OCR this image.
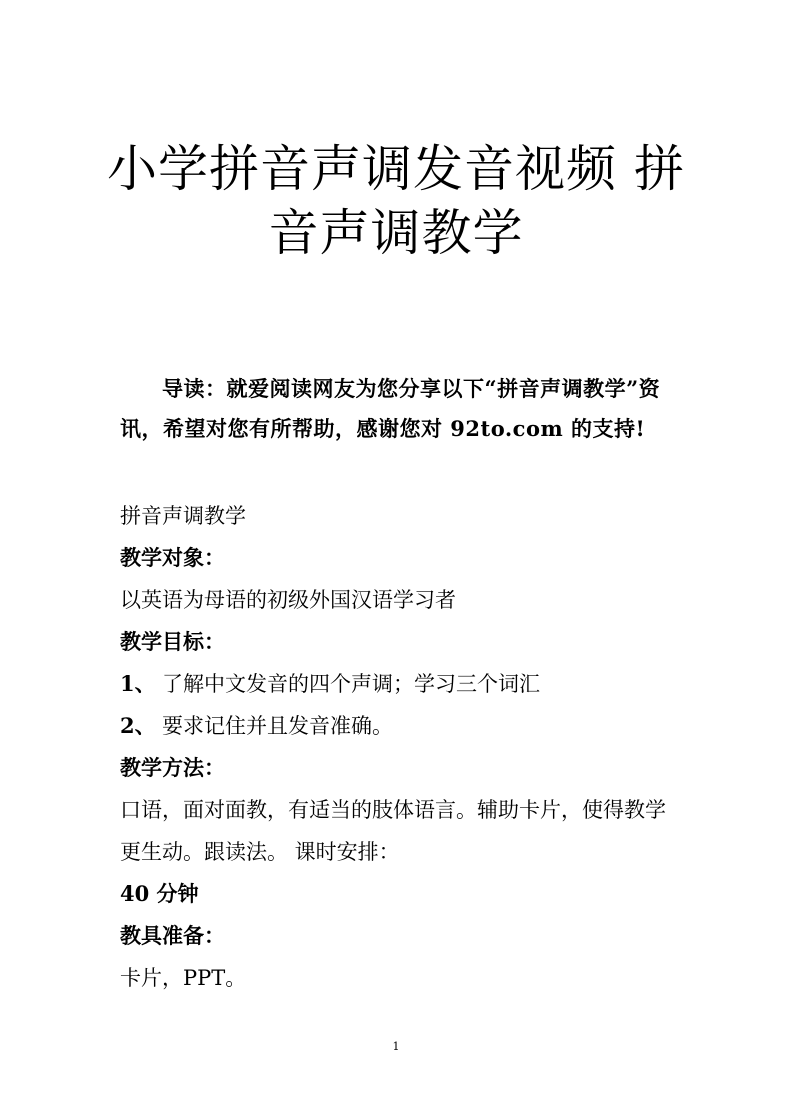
小学拼音声调发音视频 拼
音声调教学
导读：就爱阅读网友为您分享以下“拼音声调教学”资讯，希望对您有所帮助，感谢您对 92to.com 的支持!
拼音声调教学
教学对象：
以英语为母语的初级外国汉语学习者
教学目标：
1、 了解中文发音的四个声调；学习三个词汇
2、 要求记住并且发音准确。
教学方法：
口语，面对面教，有适当的肢体语言。辅助卡片，使得教学更生动。跟读法。 课时安排：
40 分钟
教具准备：
卡片，PPT。
1
